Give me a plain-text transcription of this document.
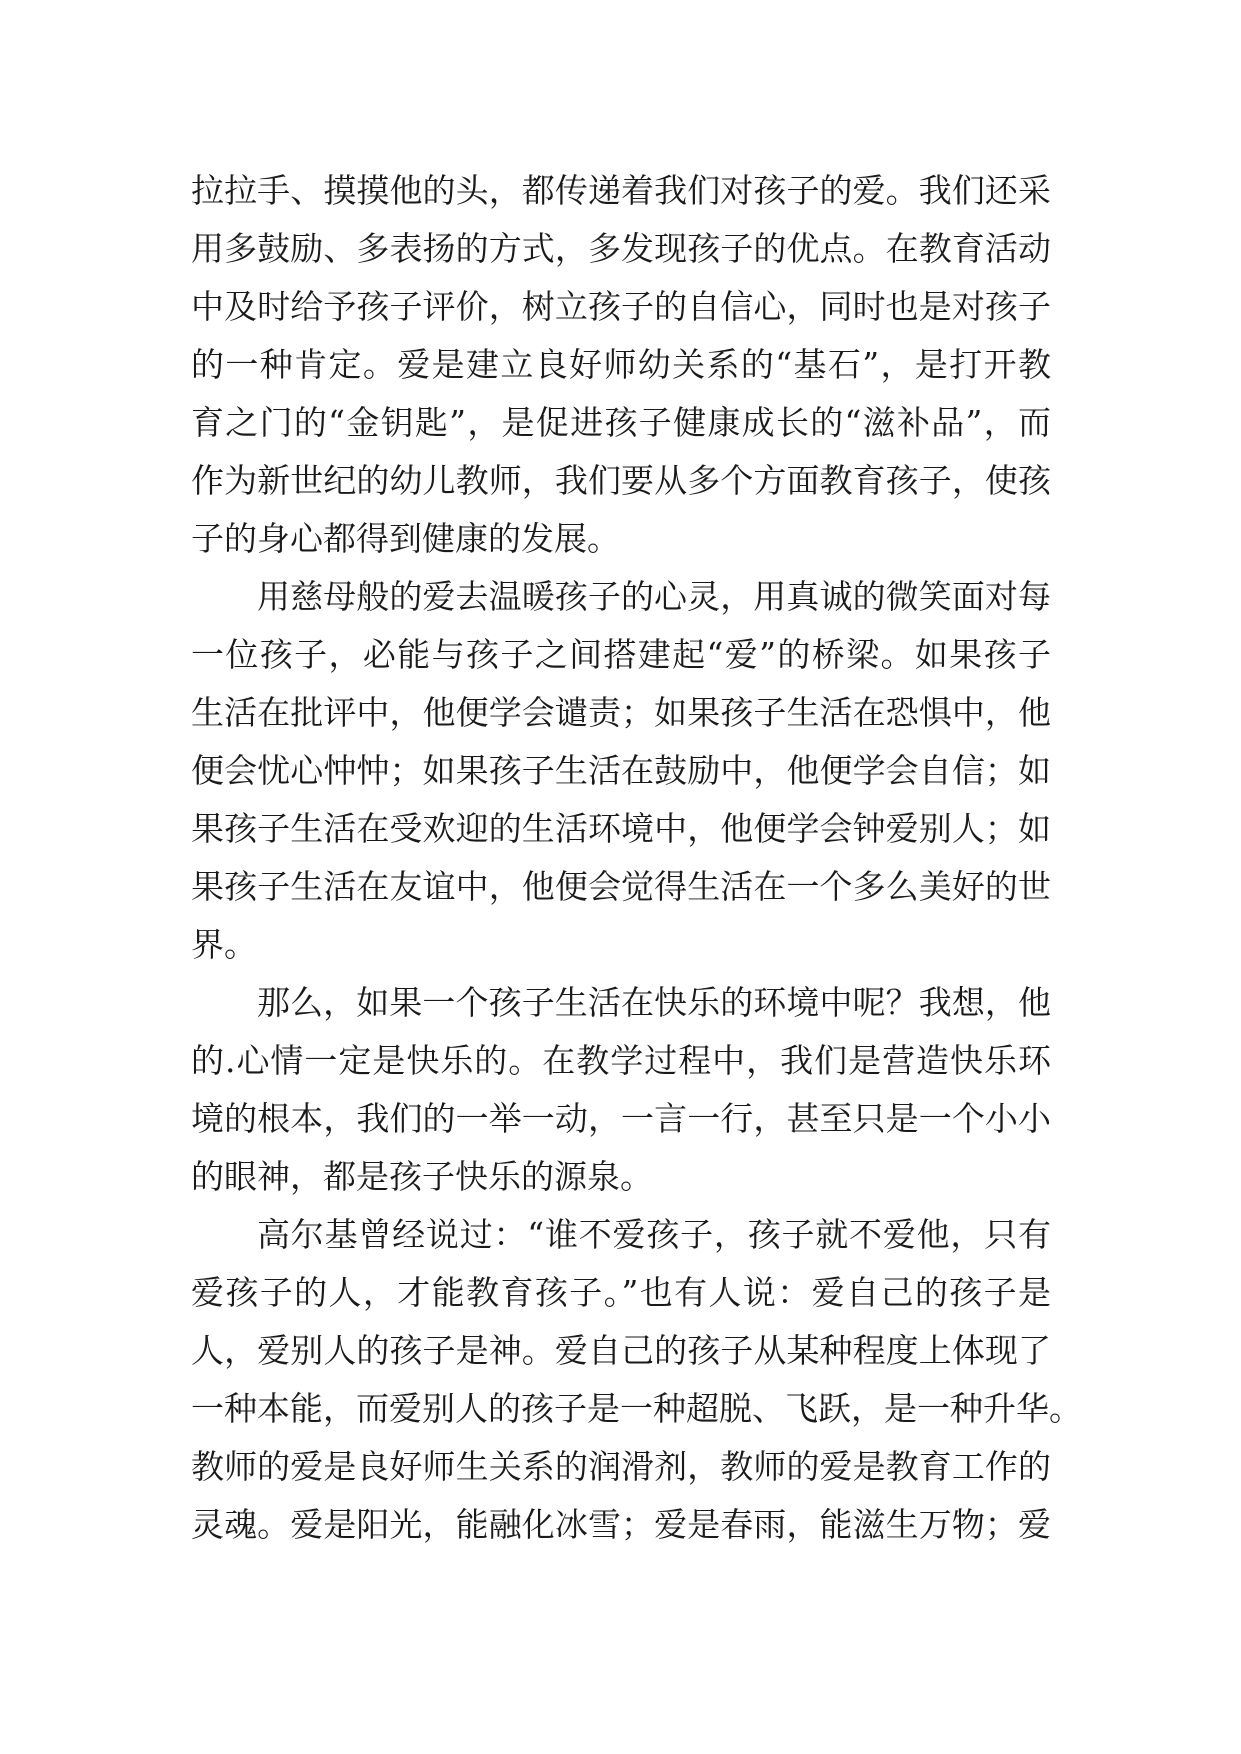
拉拉手、摸摸他的头，都传递着我们对孩子的爱。我们还采
用多鼓励、多表扬的方式，多发现孩子的优点。在教育活动
中及时给予孩子评价，树立孩子的自信心，同时也是对孩子
的一种肯定。爱是建立良好师幼关系的“基石”，是打开教
育之门的“金钥匙”，是促进孩子健康成长的“滋补品”，而
作为新世纪的幼儿教师，我们要从多个方面教育孩子，使孩
子的身心都得到健康的发展。
用慈母般的爱去温暖孩子的心灵，用真诚的微笑面对每
一位孩子，必能与孩子之间搭建起“爱”的桥梁。如果孩子
生活在批评中，他便学会谴责；如果孩子生活在恐惧中，他
便会忧心忡忡；如果孩子生活在鼓励中，他便学会自信；如
果孩子生活在受欢迎的生活环境中，他便学会钟爱别人；如
果孩子生活在友谊中，他便会觉得生活在一个多么美好的世
界。
那么，如果一个孩子生活在快乐的环境中呢？我想，他
的.心情一定是快乐的。在教学过程中，我们是营造快乐环
境的根本，我们的一举一动，一言一行，甚至只是一个小小
的眼神，都是孩子快乐的源泉。
高尔基曾经说过：“谁不爱孩子，孩子就不爱他，只有
爱孩子的人，才能教育孩子。”也有人说：爱自己的孩子是
人，爱别人的孩子是神。爱自己的孩子从某种程度上体现了
一种本能，而爱别人的孩子是一种超脱、飞跃，是一种升华。
教师的爱是良好师生关系的润滑剂，教师的爱是教育工作的
灵魂。爱是阳光，能融化冰雪；爱是春雨，能滋生万物；爱
